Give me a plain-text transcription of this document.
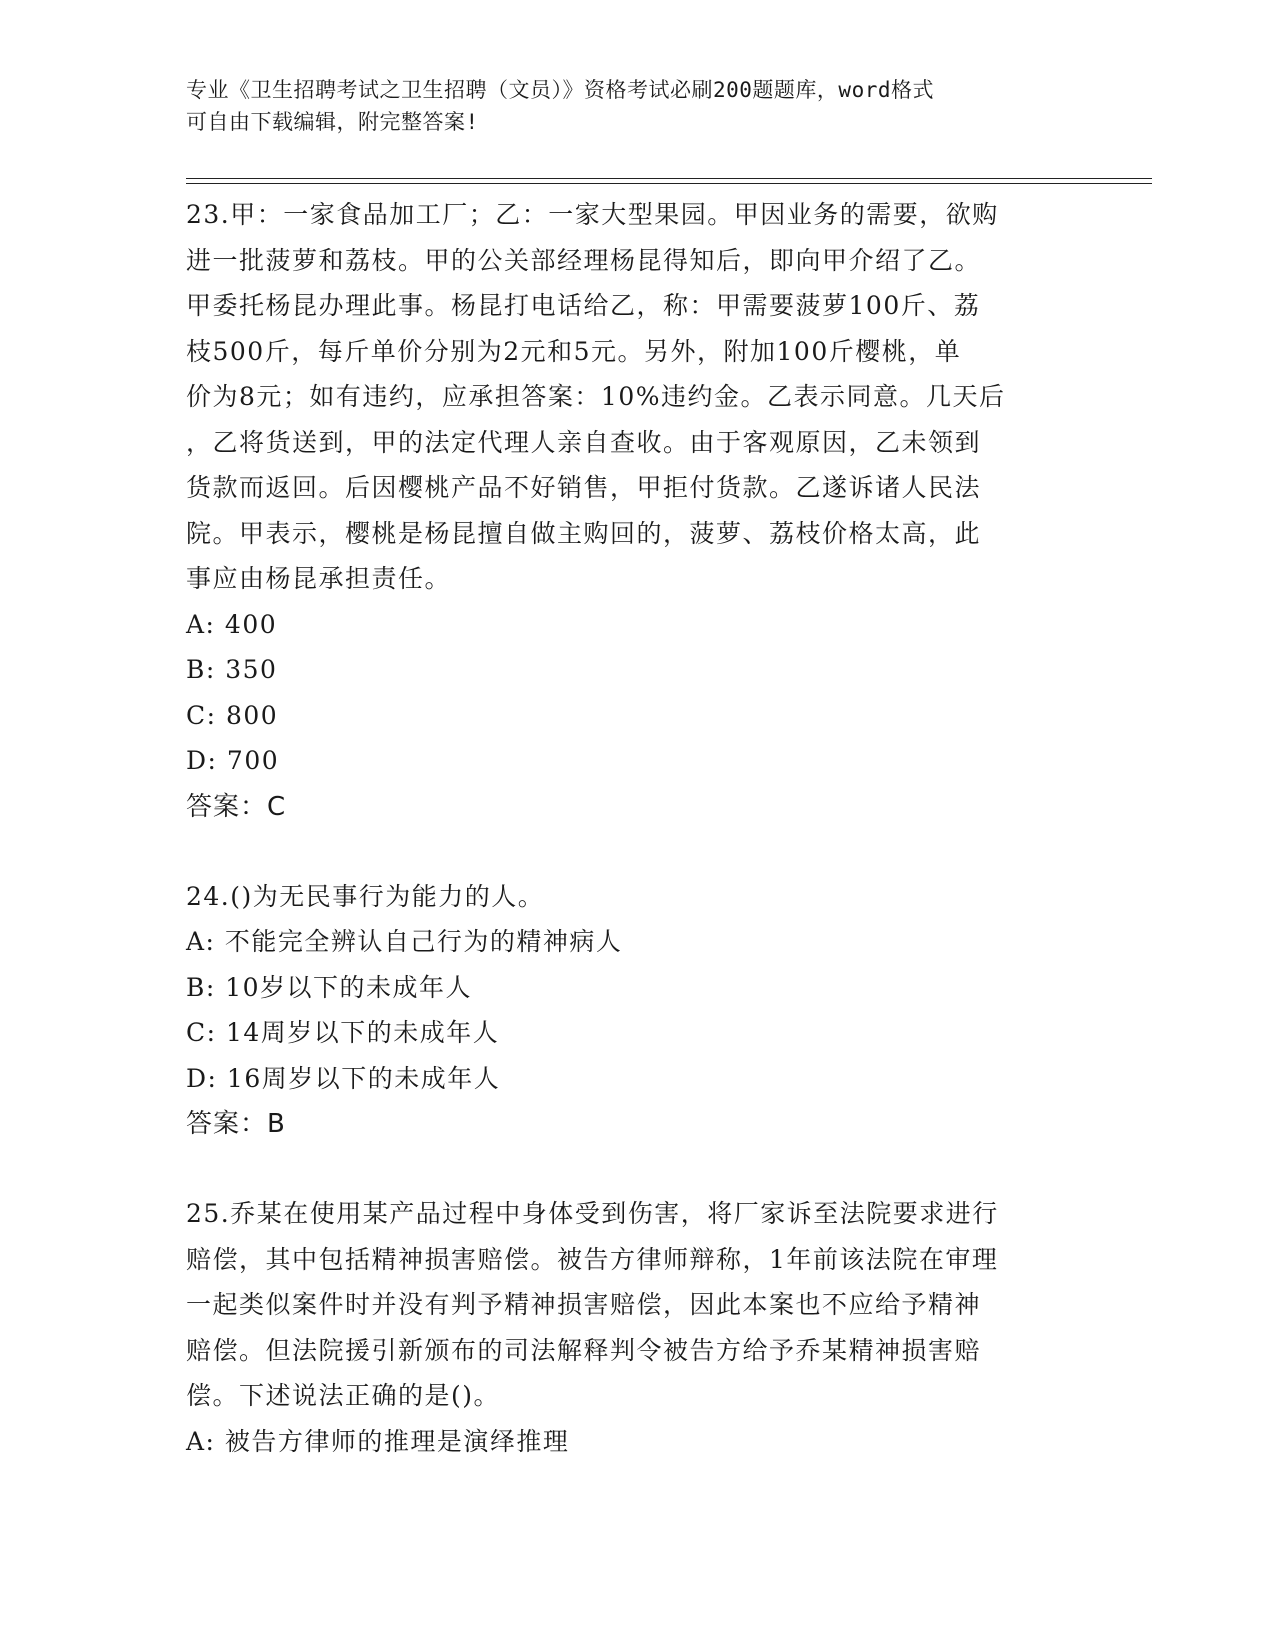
专业《卫生招聘考试之卫生招聘（文员）》资格考试必刷200题题库，word格式
可自由下载编辑，附完整答案!
23.甲：一家食品加工厂；乙：一家大型果园。甲因业务的需要，欲购
进一批菠萝和荔枝。甲的公关部经理杨昆得知后，即向甲介绍了乙。
甲委托杨昆办理此事。杨昆打电话给乙，称：甲需要菠萝100斤、荔
枝500斤，每斤单价分别为2元和5元。另外，附加100斤樱桃，单
价为8元；如有违约，应承担答案：10%违约金。乙表示同意。几天后
，乙将货送到，甲的法定代理人亲自查收。由于客观原因，乙未领到
货款而返回。后因樱桃产品不好销售，甲拒付货款。乙遂诉诸人民法
院。甲表示，樱桃是杨昆擅自做主购回的，菠萝、荔枝价格太高，此
事应由杨昆承担责任。
A: 400
B: 350
C: 800
D: 700
答案：C
24.()为无民事行为能力的人。
A: 不能完全辨认自己行为的精神病人
B: 10岁以下的未成年人
C: 14周岁以下的未成年人
D: 16周岁以下的未成年人
答案：B
25.乔某在使用某产品过程中身体受到伤害，将厂家诉至法院要求进行
赔偿，其中包括精神损害赔偿。被告方律师辩称，1年前该法院在审理
一起类似案件时并没有判予精神损害赔偿，因此本案也不应给予精神
赔偿。但法院援引新颁布的司法解释判令被告方给予乔某精神损害赔
偿。下述说法正确的是()。
A: 被告方律师的推理是演绎推理
